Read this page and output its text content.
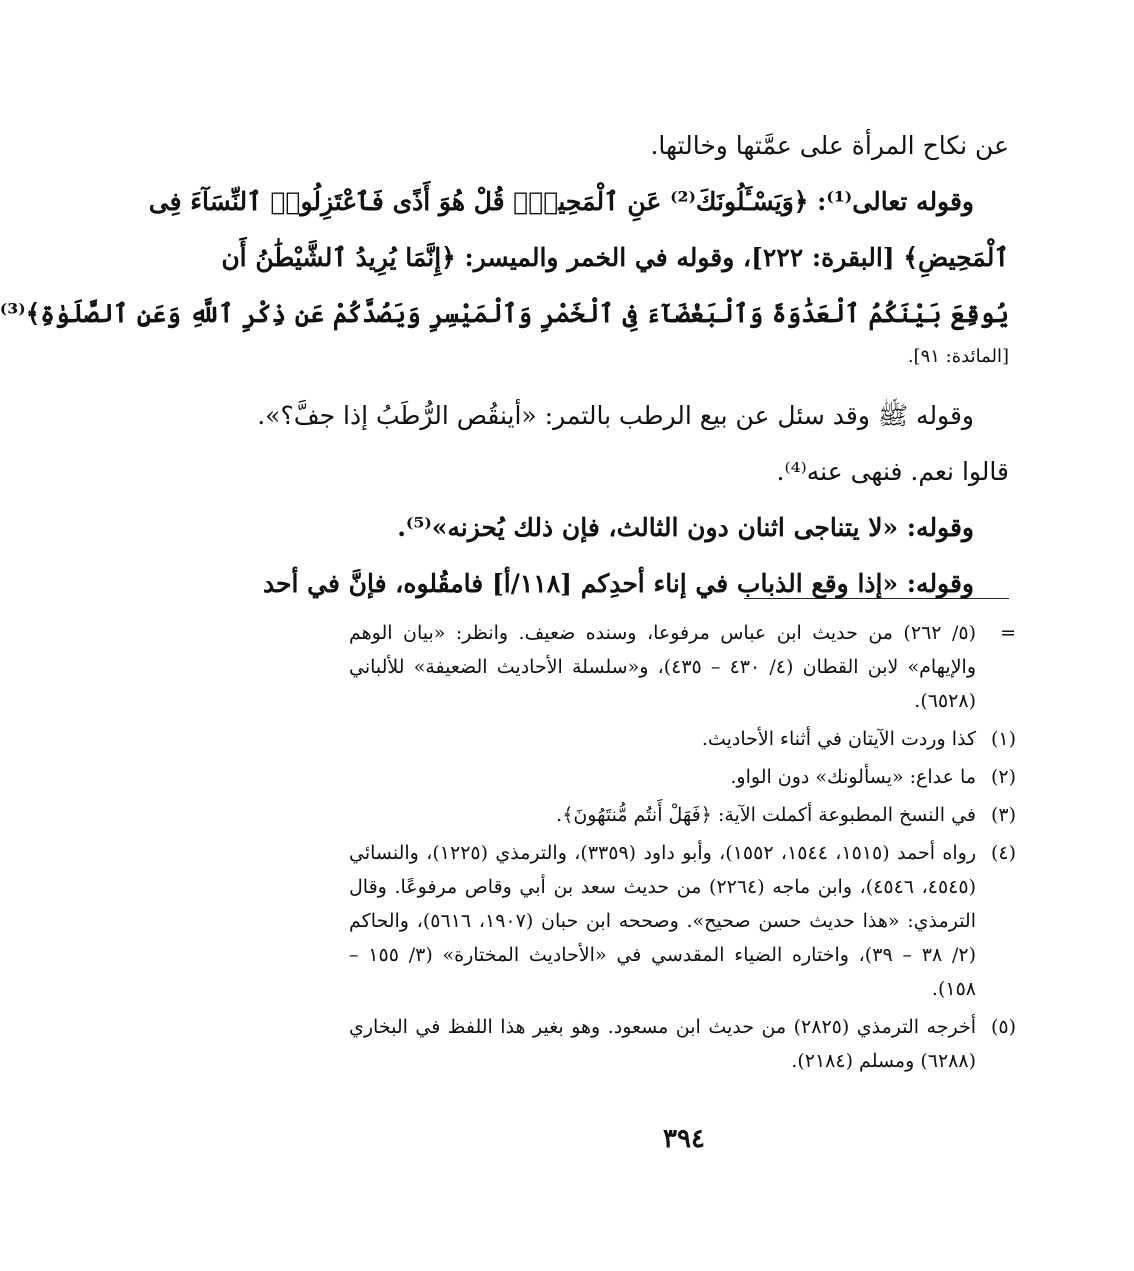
عن نكاح المرأة على عمَّتها وخالتها.
وقوله تعالى⁽¹⁾: ﴿وَيَسْـَٔلُونَكَ⁽²⁾ عَنِ ٱلْمَحِيضِۖ قُلْ هُوَ أَذًى فَٱعْتَزِلُوا۟ ٱلنِّسَآءَ فِى
ٱلْمَحِيضِ﴾ [البقرة: ٢٢٢]، وقوله في الخمر والميسر: ﴿إِنَّمَا يُرِيدُ ٱلشَّيْطَٰنُ أَن
يُوقِعَ بَيْنَكُمُ ٱلْعَدَٰوَةَ وَٱلْبَغْضَآءَ فِى ٱلْخَمْرِ وَٱلْمَيْسِرِ وَيَصُدَّكُمْ عَن ذِكْرِ ٱللَّهِ وَعَنِ ٱلصَّلَوٰةِ﴾⁽³⁾
[المائدة: ٩١].
وقوله ﷺ وقد سئل عن بيع الرطب بالتمر: «أينقُص الرُّطَبُ إذا جفَّ؟».
قالوا نعم. فنهى عنه⁽⁴⁾.
وقوله: «لا يتناجى اثنان دون الثالث، فإن ذلك يُحزنه»⁽⁵⁾.
وقوله: «إذا وقع الذباب في إناء أحدِكم [١١٨/أ] فامقُلوه، فإنَّ في أحد
=
(٥/ ٢٦٢) من حديث ابن عباس مرفوعا، وسنده ضعيف. وانظر: «بيان الوهم والإيهام» لابن القطان (٤/ ٤٣٠ – ٤٣٥)، و«سلسلة الأحاديث الضعيفة» للألباني (٦٥٢٨).
(١)
كذا وردت الآيتان في أثناء الأحاديث.
(٢)
ما عداع: «يسألونك» دون الواو.
(٣)
في النسخ المطبوعة أكملت الآية: ﴿فَهَلْ أَنتُم مُّنتَهُونَ﴾.
(٤)
رواه أحمد (١٥١٥، ١٥٤٤، ١٥٥٢)، وأبو داود (٣٣٥٩)، والترمذي (١٢٢٥)، والنسائي (٤٥٤٥، ٤٥٤٦)، وابن ماجه (٢٢٦٤) من حديث سعد بن أبي وقاص مرفوعًا. وقال الترمذي: «هذا حديث حسن صحيح». وصححه ابن حبان (١٩٠٧، ٥٦١٦)، والحاكم (٢/ ٣٨ – ٣٩)، واختاره الضياء المقدسي في «الأحاديث المختارة» (٣/ ١٥٥ – ١٥٨).
(٥)
أخرجه الترمذي (٢٨٢٥) من حديث ابن مسعود. وهو بغير هذا اللفظ في البخاري (٦٢٨٨) ومسلم (٢١٨٤).
٣٩٤
